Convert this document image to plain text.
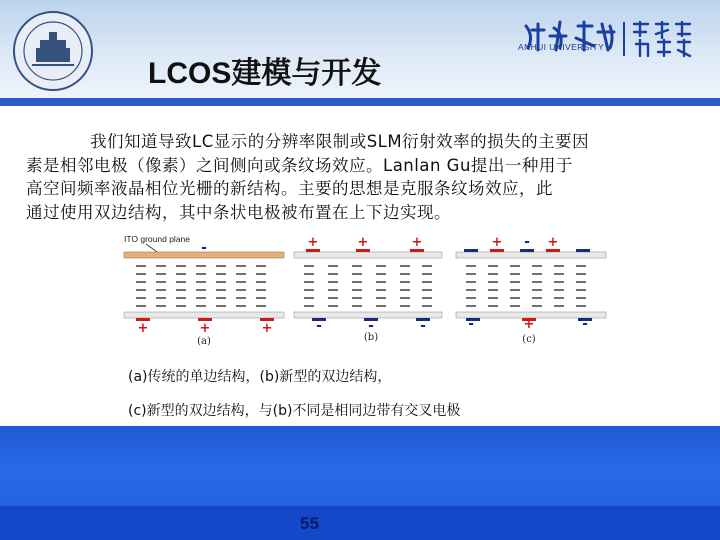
LCOS建模与开发
ANHUI UNIVERSITY
我们知道导致LC显示的分辨率限制或SLM衍射效率的损失的主要因
素是相邻电极（像素）之间侧向或条纹场效应。Lanlan Gu提出一种用于
高空间频率液晶相位光栅的新结构。主要的思想是克服条纹场效应，此
通过使用双边结构，其中条状电极被布置在上下边实现。
ITO ground plane
+	+	+
-
(a)
+	+	+
-	-	-
(b)
+	+
-
-	+	-
(c)
(a)传统的单边结构，(b)新型的双边结构，
(c)新型的双边结构，与(b)不同是相同边带有交叉电极
55
